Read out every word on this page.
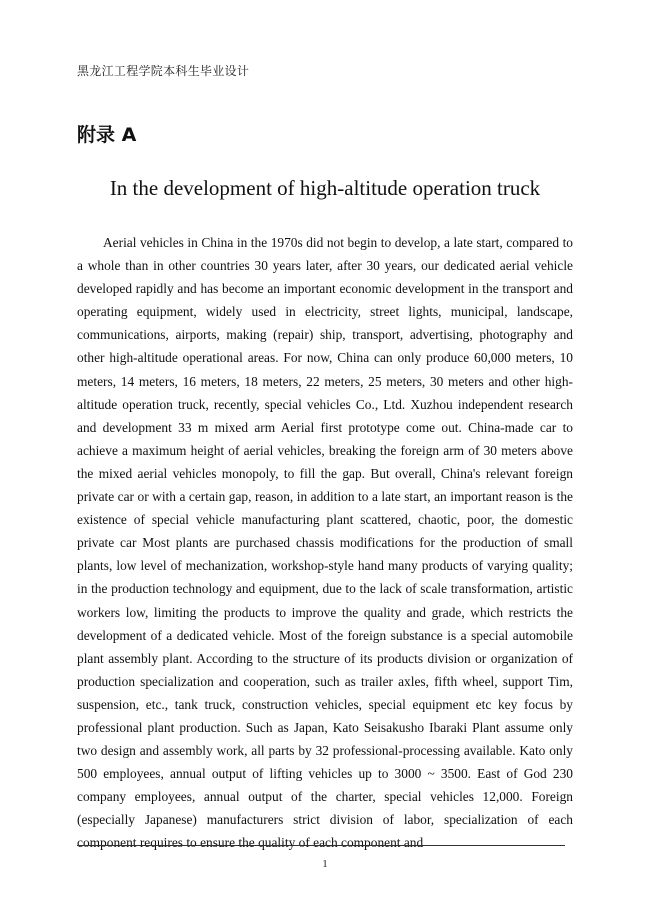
黑龙江工程学院本科生毕业设计
附录 A
In the development of high-altitude operation truck

Aerial vehicles in China in the 1970s did not begin to develop, a late start, compared to a whole than in other countries 30 years later, after 30 years, our dedicated aerial vehicle developed rapidly and has become an important economic development in the transport and operating equipment, widely used in electricity, street lights, municipal, landscape, communications, airports, making (repair) ship, transport, advertising, photography and other high-altitude operational areas. For now, China can only produce 60,000 meters, 10 meters, 14 meters, 16 meters, 18 meters, 22 meters, 25 meters, 30 meters and other high-altitude operation truck, recently, special vehicles Co., Ltd. Xuzhou independent research and development 33 m mixed arm Aerial first prototype come out. China-made car to achieve a maximum height of aerial vehicles, breaking the foreign arm of 30 meters above the mixed aerial vehicles monopoly, to fill the gap. But overall, China's relevant foreign private car or with a certain gap, reason, in addition to a late start, an important reason is the existence of special vehicle manufacturing plant scattered, chaotic, poor, the domestic private car Most plants are purchased chassis modifications for the production of small plants, low level of mechanization, workshop-style hand many products of varying quality; in the production technology and equipment, due to the lack of scale transformation, artistic workers low, limiting the products to improve the quality and grade, which restricts the development of a dedicated vehicle. Most of the foreign substance is a special automobile plant assembly plant. According to the structure of its products division or organization of production specialization and cooperation, such as trailer axles, fifth wheel, support Tim, suspension, etc., tank truck, construction vehicles, special equipment etc key focus by professional plant production. Such as Japan, Kato Seisakusho Ibaraki Plant assume only two design and assembly work, all parts by 32 professional-processing available. Kato only 500 employees, annual output of lifting vehicles up to 3000 ~ 3500. East of God 230 company employees, annual output of the charter, special vehicles 12,000. Foreign (especially Japanese) manufacturers strict division of labor, specialization of each component requires to ensure the quality of each component and

1
